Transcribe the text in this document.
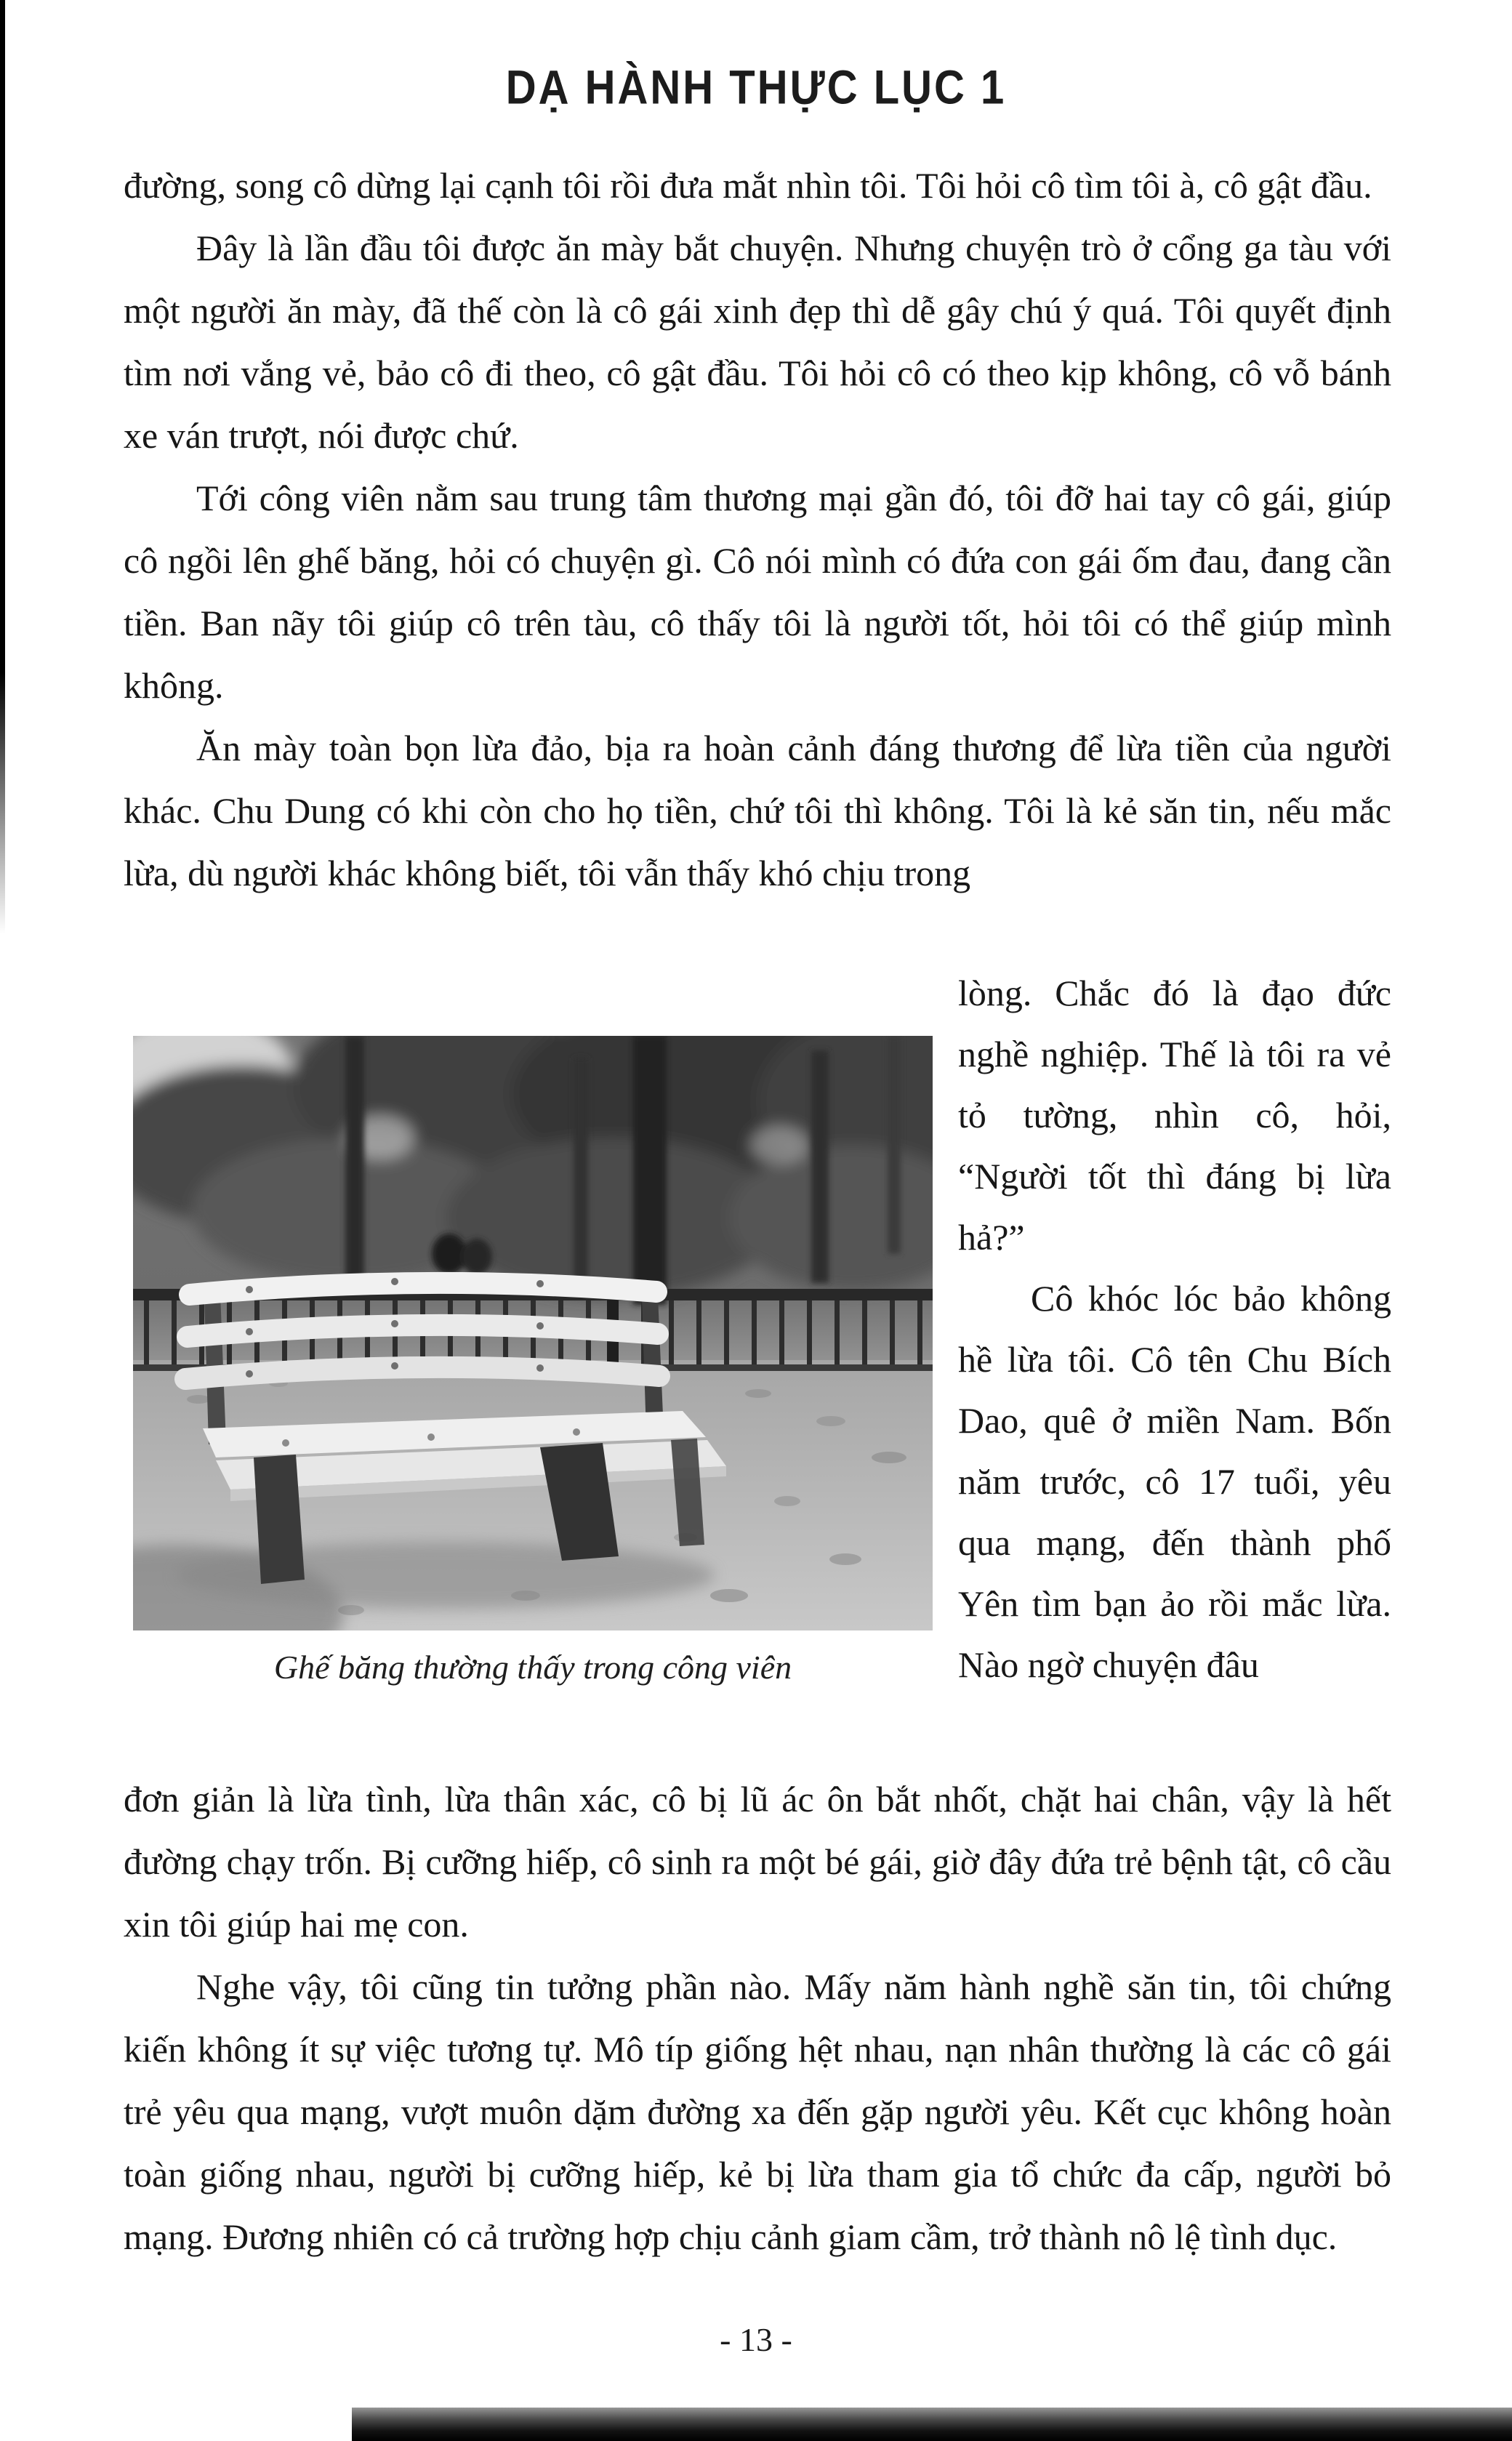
DẠ HÀNH THỰC LỤC 1

đường, song cô dừng lại cạnh tôi rồi đưa mắt nhìn tôi. Tôi hỏi cô tìm tôi à, cô gật đầu.

Đây là lần đầu tôi được ăn mày bắt chuyện. Nhưng chuyện trò ở cổng ga tàu với một người ăn mày, đã thế còn là cô gái xinh đẹp thì dễ gây chú ý quá. Tôi quyết định tìm nơi vắng vẻ, bảo cô đi theo, cô gật đầu. Tôi hỏi cô có theo kịp không, cô vỗ bánh xe ván trượt, nói được chứ.

Tới công viên nằm sau trung tâm thương mại gần đó, tôi đỡ hai tay cô gái, giúp cô ngồi lên ghế băng, hỏi có chuyện gì. Cô nói mình có đứa con gái ốm đau, đang cần tiền. Ban nãy tôi giúp cô trên tàu, cô thấy tôi là người tốt, hỏi tôi có thể giúp mình không.

Ăn mày toàn bọn lừa đảo, bịa ra hoàn cảnh đáng thương để lừa tiền của người khác. Chu Dung có khi còn cho họ tiền, chứ tôi thì không. Tôi là kẻ săn tin, nếu mắc lừa, dù người khác không biết, tôi vẫn thấy khó chịu trong

lòng. Chắc đó là đạo đức nghề nghiệp. Thế là tôi ra vẻ tỏ tường, nhìn cô, hỏi, “Người tốt thì đáng bị lừa hả?”

Cô khóc lóc bảo không hề lừa tôi. Cô tên Chu Bích Dao, quê ở miền Nam. Bốn năm trước, cô 17 tuổi, yêu qua mạng, đến thành phố Yên tìm bạn ảo rồi mắc lừa. Nào ngờ chuyện đâu

Ghế băng thường thấy trong công viên

đơn giản là lừa tình, lừa thân xác, cô bị lũ ác ôn bắt nhốt, chặt hai chân, vậy là hết đường chạy trốn. Bị cưỡng hiếp, cô sinh ra một bé gái, giờ đây đứa trẻ bệnh tật, cô cầu xin tôi giúp hai mẹ con.

Nghe vậy, tôi cũng tin tưởng phần nào. Mấy năm hành nghề săn tin, tôi chứng kiến không ít sự việc tương tự. Mô típ giống hệt nhau, nạn nhân thường là các cô gái trẻ yêu qua mạng, vượt muôn dặm đường xa đến gặp người yêu. Kết cục không hoàn toàn giống nhau, người bị cưỡng hiếp, kẻ bị lừa tham gia tổ chức đa cấp, người bỏ mạng. Đương nhiên có cả trường hợp chịu cảnh giam cầm, trở thành nô lệ tình dục.

- 13 -
